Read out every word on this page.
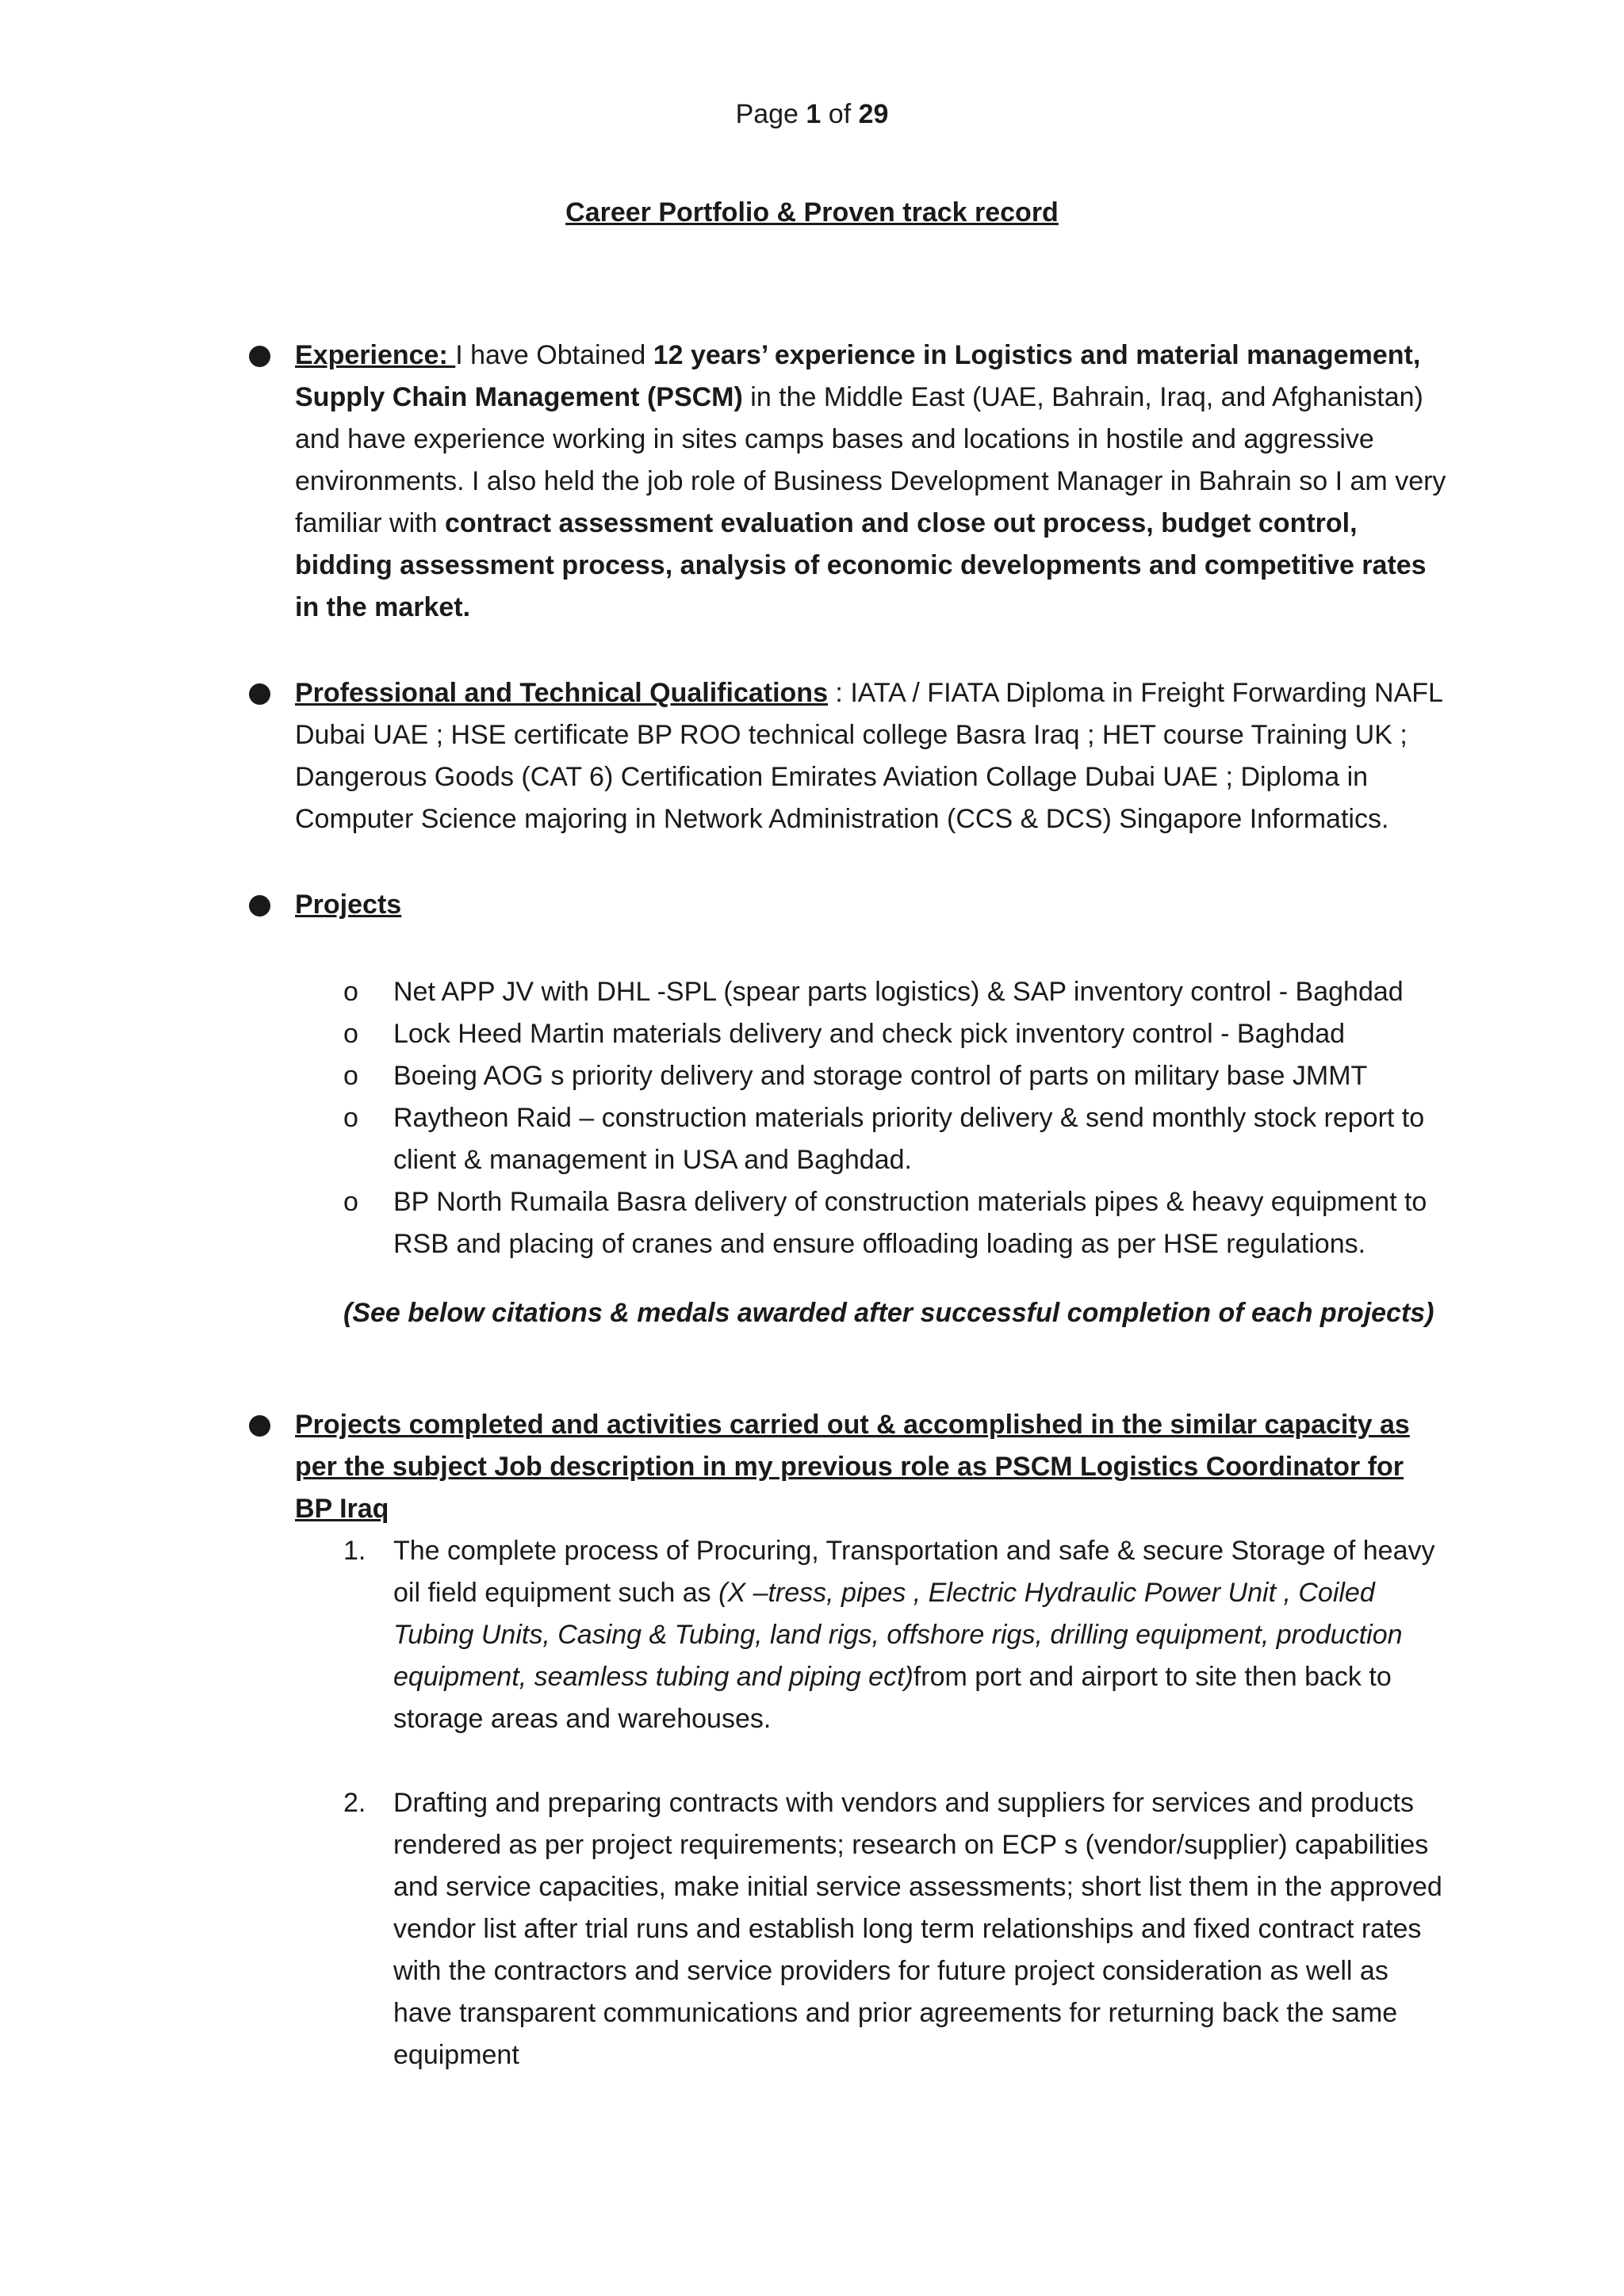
Page 1 of 29
Career Portfolio & Proven track record
Experience: I have Obtained 12 years’ experience in Logistics and material management, Supply Chain Management (PSCM) in the Middle East (UAE, Bahrain, Iraq, and Afghanistan) and have experience working in sites camps bases and locations in hostile and aggressive environments. I also held the job role of Business Development Manager in Bahrain so I am very familiar with contract assessment evaluation and close out process, budget control, bidding assessment process, analysis of economic developments and competitive rates in the market.
Professional and Technical Qualifications : IATA / FIATA Diploma in Freight Forwarding NAFL Dubai UAE ; HSE certificate BP ROO technical college Basra Iraq ; HET course Training UK ; Dangerous Goods (CAT 6) Certification Emirates Aviation Collage Dubai UAE ; Diploma in Computer Science majoring in Network Administration (CCS & DCS) Singapore Informatics.
Projects
o Net APP JV with DHL -SPL (spear parts logistics) & SAP inventory control - Baghdad
o Lock Heed Martin materials delivery and check pick inventory control - Baghdad
o Boeing AOG s priority delivery and storage control of parts on military base JMMT
o Raytheon Raid – construction materials priority delivery & send monthly stock report to client & management in USA and Baghdad.
o BP North Rumaila Basra delivery of construction materials pipes & heavy equipment to RSB and placing of cranes and ensure offloading loading as per HSE regulations.
(See below citations & medals awarded after successful completion of each projects)
Projects completed and activities carried out & accomplished in the similar capacity as per the subject Job description in my previous role as PSCM Logistics Coordinator for BP Iraq
1. The complete process of Procuring, Transportation and safe & secure Storage of heavy oil field equipment such as (X –tress, pipes , Electric Hydraulic Power Unit , Coiled Tubing Units, Casing & Tubing, land rigs, offshore rigs, drilling equipment, production equipment, seamless tubing and piping ect)from port and airport to site then back to storage areas and warehouses.
2. Drafting and preparing contracts with vendors and suppliers for services and products rendered as per project requirements; research on ECP s (vendor/supplier) capabilities and service capacities, make initial service assessments; short list them in the approved vendor list after trial runs and establish long term relationships and fixed contract rates with the contractors and service providers for future project consideration as well as have transparent communications and prior agreements for returning back the same equipment
